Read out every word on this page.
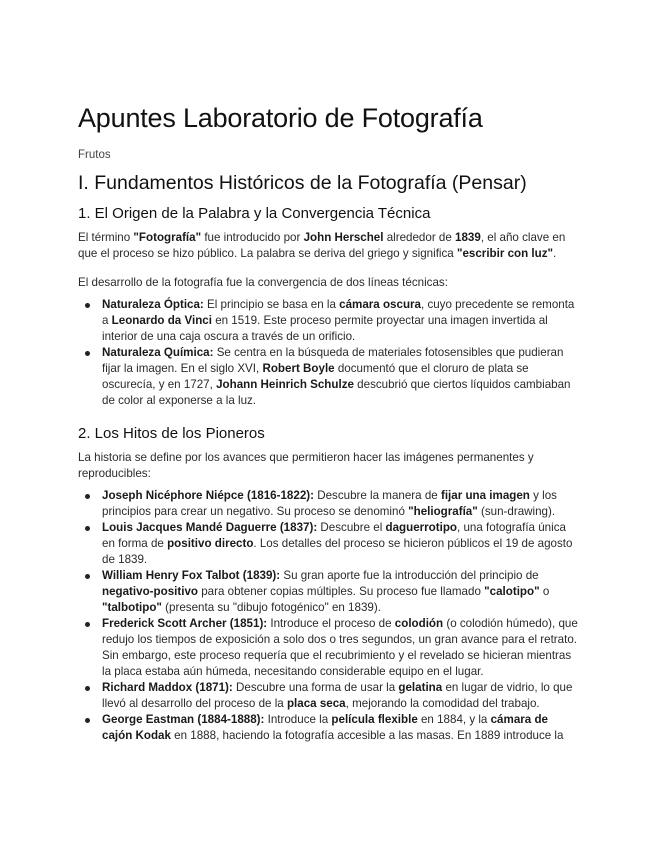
Apuntes Laboratorio de Fotografía

Frutos

I. Fundamentos Históricos de la Fotografía (Pensar)
1. El Origen de la Palabra y la Convergencia Técnica

El término "Fotografía" fue introducido por John Herschel alrededor de 1839, el año clave en que el proceso se hizo público. La palabra se deriva del griego y significa "escribir con luz".

El desarrollo de la fotografía fue la convergencia de dos líneas técnicas:

Naturaleza Óptica: El principio se basa en la cámara oscura, cuyo precedente se remonta a Leonardo da Vinci en 1519. Este proceso permite proyectar una imagen invertida al interior de una caja oscura a través de un orificio.
Naturaleza Química: Se centra en la búsqueda de materiales fotosensibles que pudieran fijar la imagen. En el siglo XVI, Robert Boyle documentó que el cloruro de plata se oscurecía, y en 1727, Johann Heinrich Schulze descubrió que ciertos líquidos cambiaban de color al exponerse a la luz.
2. Los Hitos de los Pioneros

La historia se define por los avances que permitieron hacer las imágenes permanentes y reproducibles:

Joseph Nicéphore Niépce (1816-1822): Descubre la manera de fijar una imagen y los principios para crear un negativo. Su proceso se denominó "heliografía" (sun-drawing).
Louis Jacques Mandé Daguerre (1837): Descubre el daguerrotipo, una fotografía única en forma de positivo directo. Los detalles del proceso se hicieron públicos el 19 de agosto de 1839.
William Henry Fox Talbot (1839): Su gran aporte fue la introducción del principio de negativo-positivo para obtener copias múltiples. Su proceso fue llamado "calotipo" o "talbotipo" (presenta su "dibujo fotogénico" en 1839).
Frederick Scott Archer (1851): Introduce el proceso de colodión (o colodión húmedo), que redujo los tiempos de exposición a solo dos o tres segundos, un gran avance para el retrato. Sin embargo, este proceso requería que el recubrimiento y el revelado se hicieran mientras la placa estaba aún húmeda, necesitando considerable equipo en el lugar.
Richard Maddox (1871): Descubre una forma de usar la gelatina en lugar de vidrio, lo que llevó al desarrollo del proceso de la placa seca, mejorando la comodidad del trabajo.
George Eastman (1884-1888): Introduce la película flexible en 1884, y la cámara de cajón Kodak en 1888, haciendo la fotografía accesible a las masas. En 1889 introduce la
